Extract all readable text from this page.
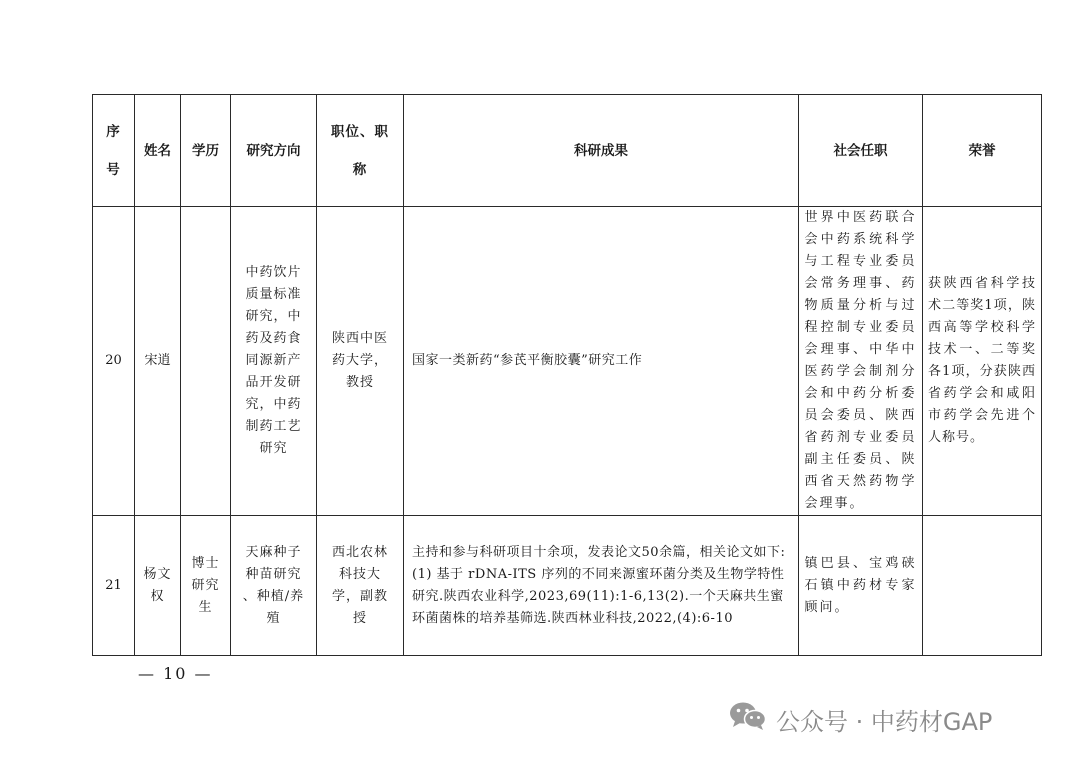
序号	姓名	学历	研究方向	职位、职称	科研成果	社会任职	荣誉
20	宋逍		中药饮片质量标准研究，中药及药食同源新产品开发研究，中药制药工艺研究	陕西中医药大学，教授	国家一类新药“参芪平衡胶囊”研究工作	世界中医药联合会中药系统科学与工程专业委员会常务理事、药物质量分析与过程控制专业委员会理事、中华中医药学会制剂分会和中药分析委员会委员、陕西省药剂专业委员副主任委员、陕西省天然药物学会理事。	获陕西省科学技术二等奖1项，陕西高等学校科学技术一、二等奖各1项，分获陕西省药学会和咸阳市药学会先进个人称号。

21	杨文权	博士研究生	天麻种子种苗研究 、种植/养殖	西北农林科技大学，副教授	主持和参与科研项目十余项，发表论文50余篇，相关论文如下:(1) 基于 rDNA-ITS 序列的不同来源蜜环菌分类及生物学特性研究.陕西农业科学,2023,69(11):1-6,13(2).一个天麻共生蜜环菌菌株的培养基筛选.陕西林业科技,2022,(4):6-10	镇巴县、宝鸡硖石镇中药材专家顾问。	

— 10 —
公众号 · 中药材GAP
